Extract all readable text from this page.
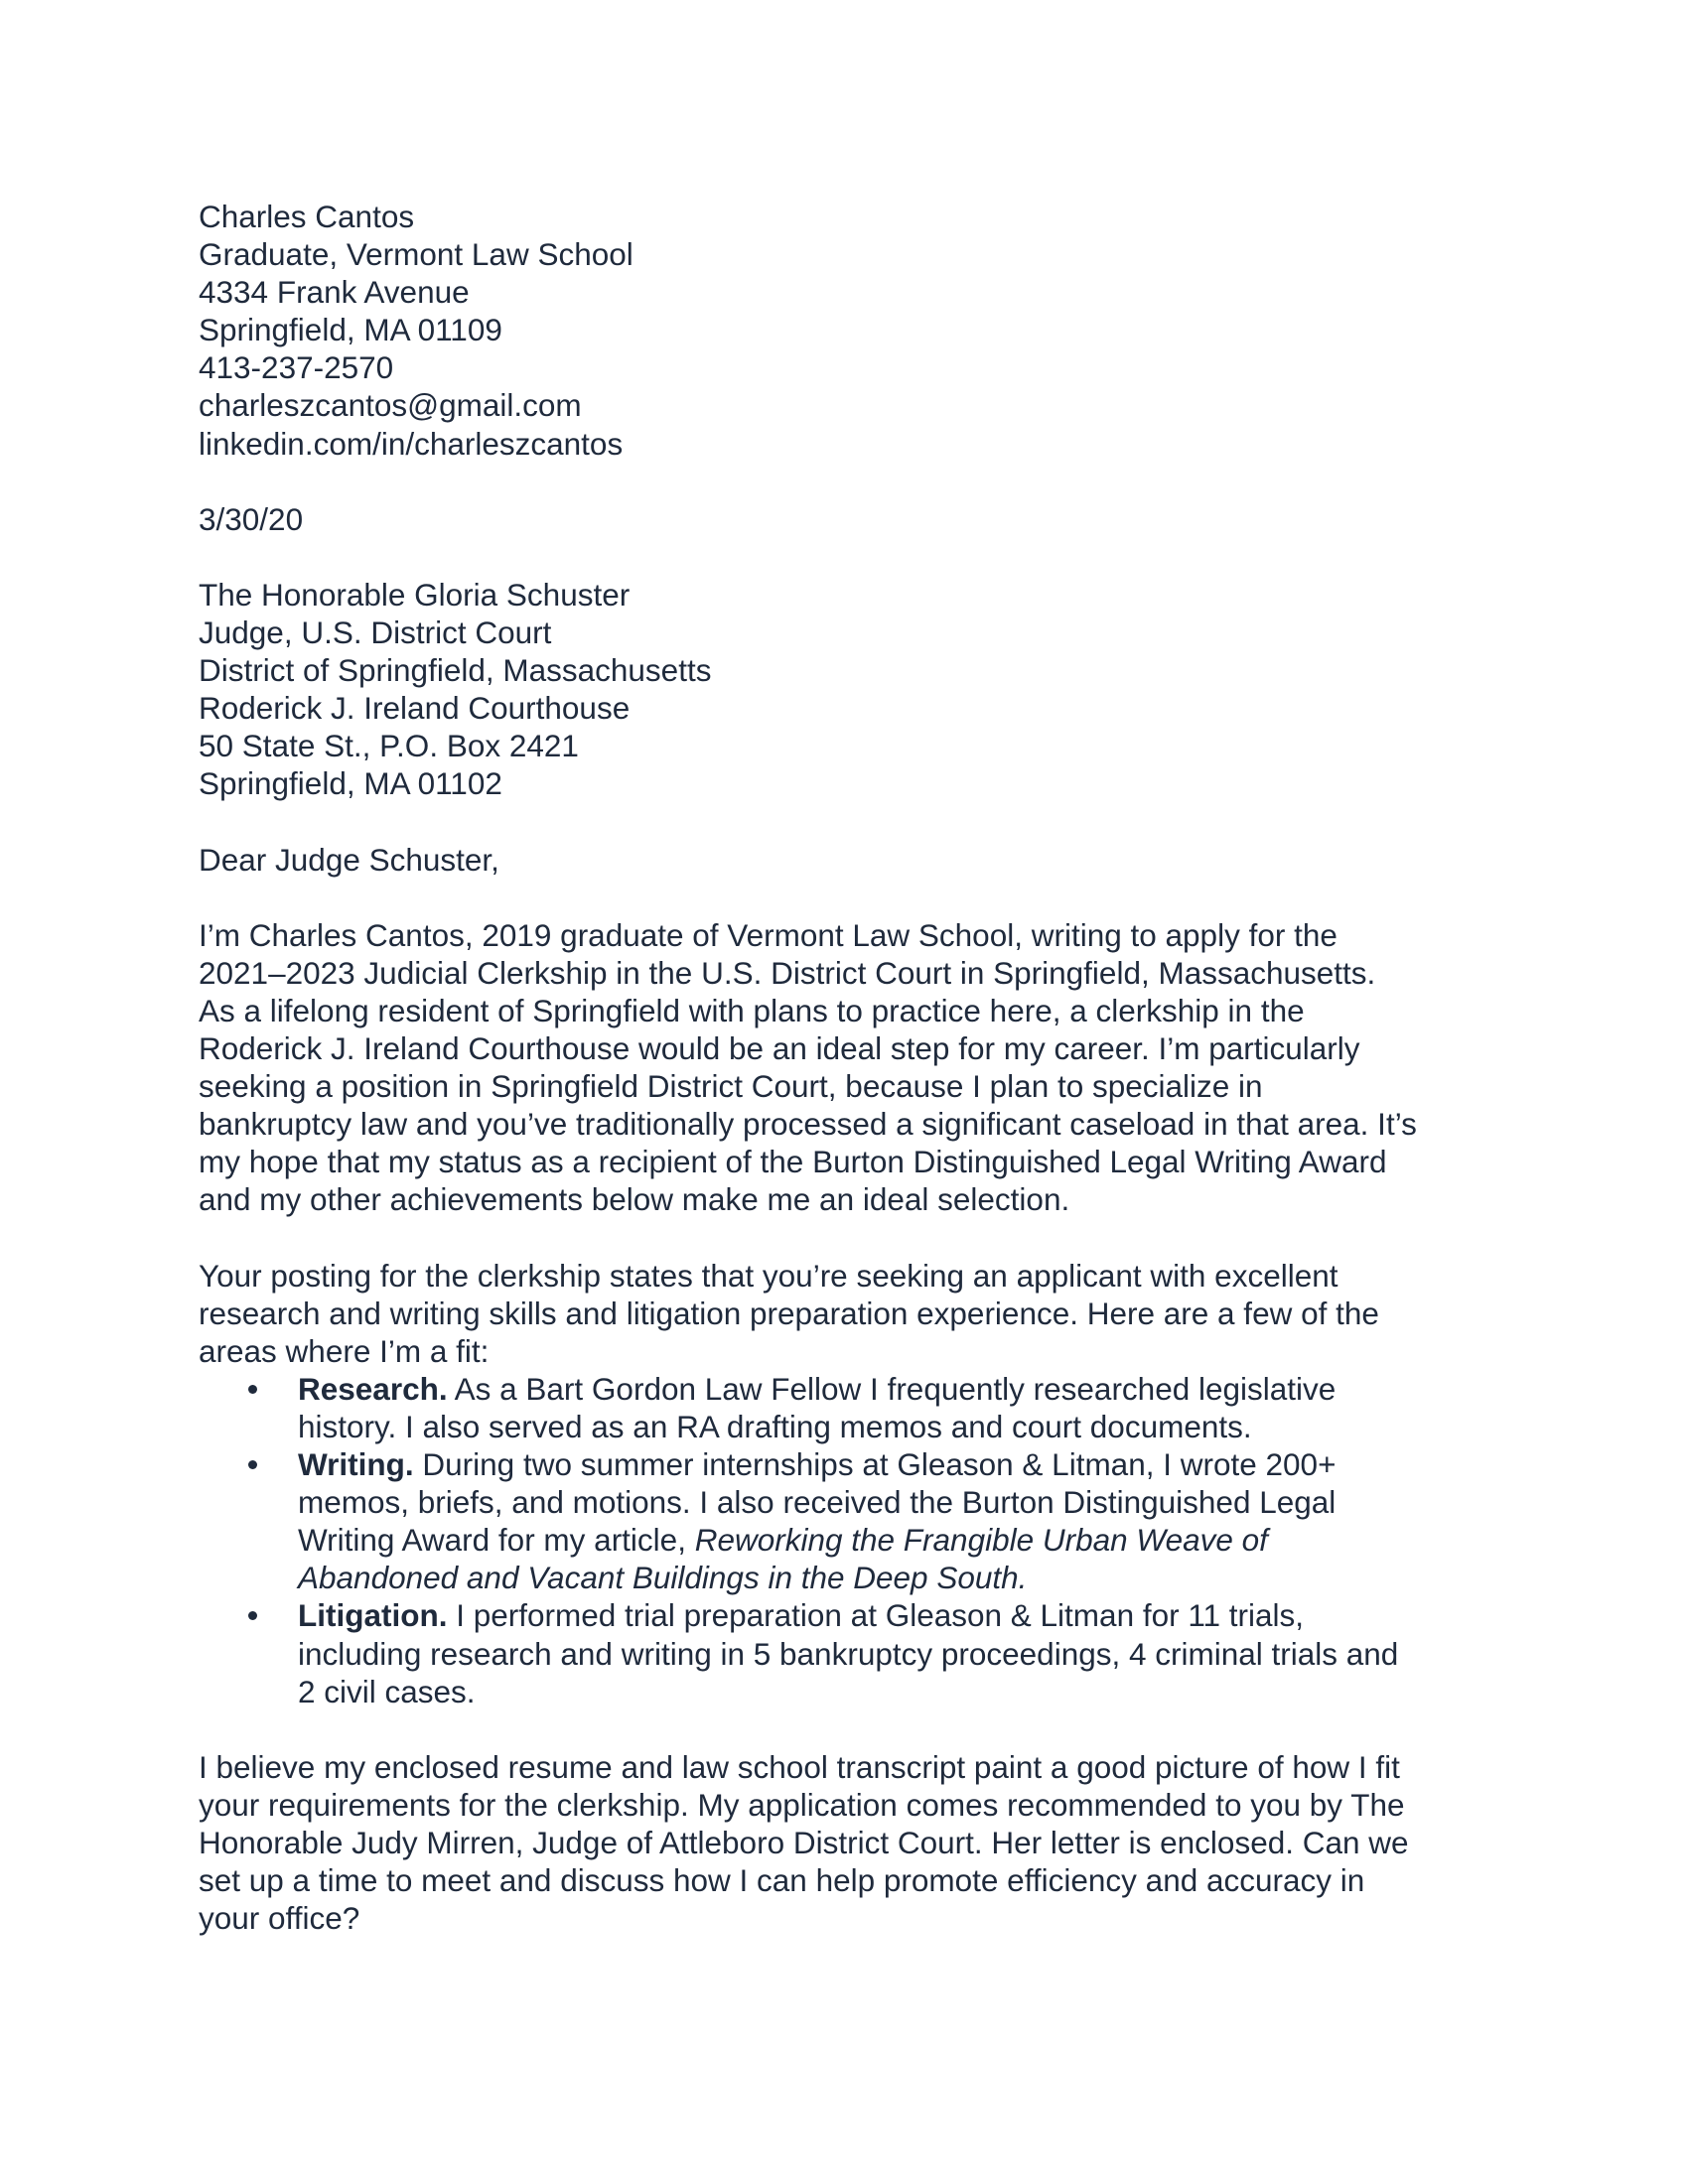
Charles Cantos
Graduate, Vermont Law School
4334 Frank Avenue
Springfield, MA 01109
413-237-2570
charleszcantos@gmail.com
linkedin.com/in/charleszcantos
3/30/20
The Honorable Gloria Schuster
Judge, U.S. District Court
District of Springfield, Massachusetts
Roderick J. Ireland Courthouse
50 State St., P.O. Box 2421
Springfield, MA 01102
Dear Judge Schuster,
I’m Charles Cantos, 2019 graduate of Vermont Law School, writing to apply for the
2021–2023 Judicial Clerkship in the U.S. District Court in Springfield, Massachusetts.
As a lifelong resident of Springfield with plans to practice here, a clerkship in the
Roderick J. Ireland Courthouse would be an ideal step for my career. I’m particularly
seeking a position in Springfield District Court, because I plan to specialize in
bankruptcy law and you’ve traditionally processed a significant caseload in that area. It’s
my hope that my status as a recipient of the Burton Distinguished Legal Writing Award
and my other achievements below make me an ideal selection.
Your posting for the clerkship states that you’re seeking an applicant with excellent
research and writing skills and litigation preparation experience. Here are a few of the
areas where I’m a fit:
Research. As a Bart Gordon Law Fellow I frequently researched legislative
history. I also served as an RA drafting memos and court documents.
Writing. During two summer internships at Gleason & Litman, I wrote 200+
memos, briefs, and motions. I also received the Burton Distinguished Legal
Writing Award for my article, Reworking the Frangible Urban Weave of
Abandoned and Vacant Buildings in the Deep South.
Litigation. I performed trial preparation at Gleason & Litman for 11 trials,
including research and writing in 5 bankruptcy proceedings, 4 criminal trials and
2 civil cases.
I believe my enclosed resume and law school transcript paint a good picture of how I fit
your requirements for the clerkship. My application comes recommended to you by The
Honorable Judy Mirren, Judge of Attleboro District Court. Her letter is enclosed. Can we
set up a time to meet and discuss how I can help promote efficiency and accuracy in
your office?
